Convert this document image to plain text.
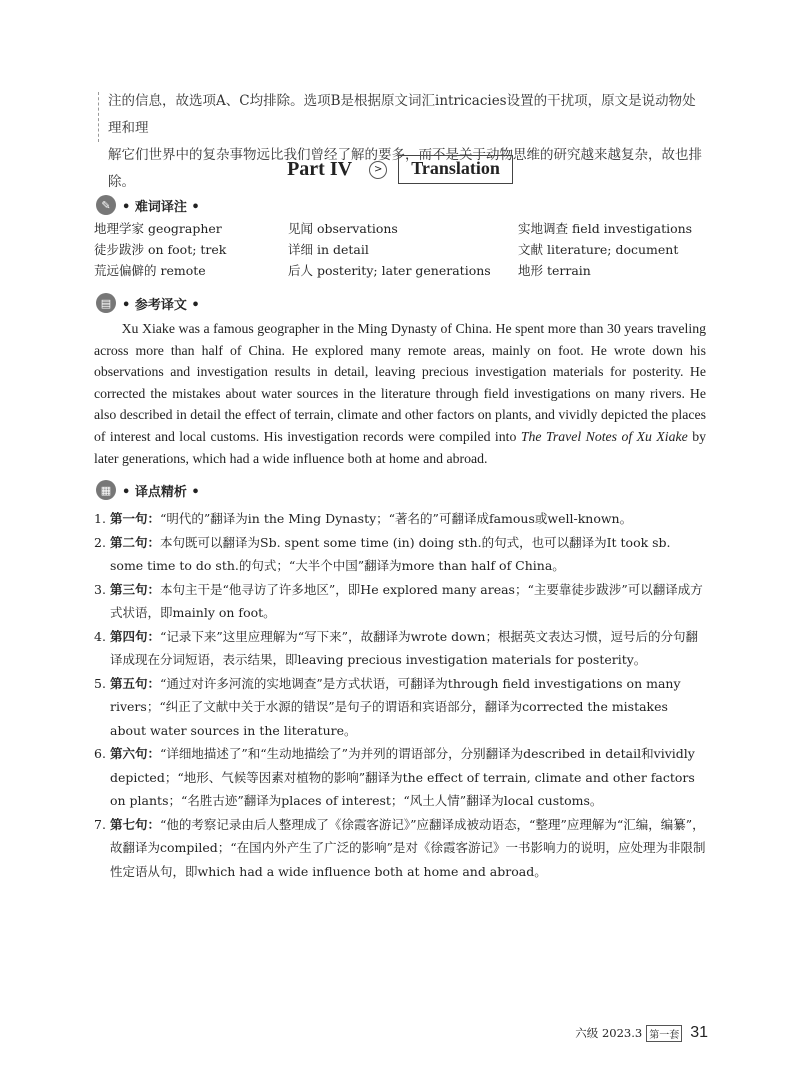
注的信息，故选项A、C均排除。选项B是根据原文词汇intricacies设置的干扰项，原文是说动物处理和理
解它们世界中的复杂事物远比我们曾经了解的要多，而不是关于动物思维的研究越来越复杂，故也排除。
Part IV > Translation
✎ • 难词译注 •
地理学家 geographer	见闻 observations	实地调查 field investigations
徒步跋涉 on foot; trek	详细 in detail	文献 literature; document
荒远偏僻的 remote	后人 posterity; later generations	地形 terrain
▤ • 参考译文 •
Xu Xiake was a famous geographer in the Ming Dynasty of China. He spent more than 30 years traveling across more than half of China. He explored many remote areas, mainly on foot. He wrote down his observations and investigation results in detail, leaving precious investigation materials for posterity. He corrected the mistakes about water sources in the literature through field investigations on many rivers. He also described in detail the effect of terrain, climate and other factors on plants, and vividly depicted the places of interest and local customs. His investigation records were compiled into The Travel Notes of Xu Xiake by later generations, which had a wide influence both at home and abroad.
▦ • 译点精析 •
1. 第一句：“明代的”翻译为in the Ming Dynasty；“著名的”可翻译成famous或well-known。
2. 第二句：本句既可以翻译为Sb. spent some time (in) doing sth.的句式，也可以翻译为It took sb. some time to do sth.的句式；“大半个中国”翻译为more than half of China。
3. 第三句：本句主干是“他寻访了许多地区”，即He explored many areas；“主要靠徒步跋涉”可以翻译成方式状语，即mainly on foot。
4. 第四句：“记录下来”这里应理解为“写下来”，故翻译为wrote down；根据英文表达习惯，逗号后的分句翻译成现在分词短语，表示结果，即leaving precious investigation materials for posterity。
5. 第五句：“通过对许多河流的实地调查”是方式状语，可翻译为through field investigations on many rivers；“纠正了文献中关于水源的错误”是句子的谓语和宾语部分，翻译为corrected the mistakes about water sources in the literature。
6. 第六句：“详细地描述了”和“生动地描绘了”为并列的谓语部分，分别翻译为described in detail和vividly depicted；“地形、气候等因素对植物的影响”翻译为the effect of terrain, climate and other factors on plants；“名胜古迹”翻译为places of interest；“风土人情”翻译为local customs。
7. 第七句：“他的考察记录由后人整理成了《徐霞客游记》”应翻译成被动语态，“整理”应理解为“汇编，编纂”，故翻译为compiled；“在国内外产生了广泛的影响”是对《徐霞客游记》一书影响力的说明，应处理为非限制性定语从句，即which had a wide influence both at home and abroad。
六级 2023.3 第一套 31
